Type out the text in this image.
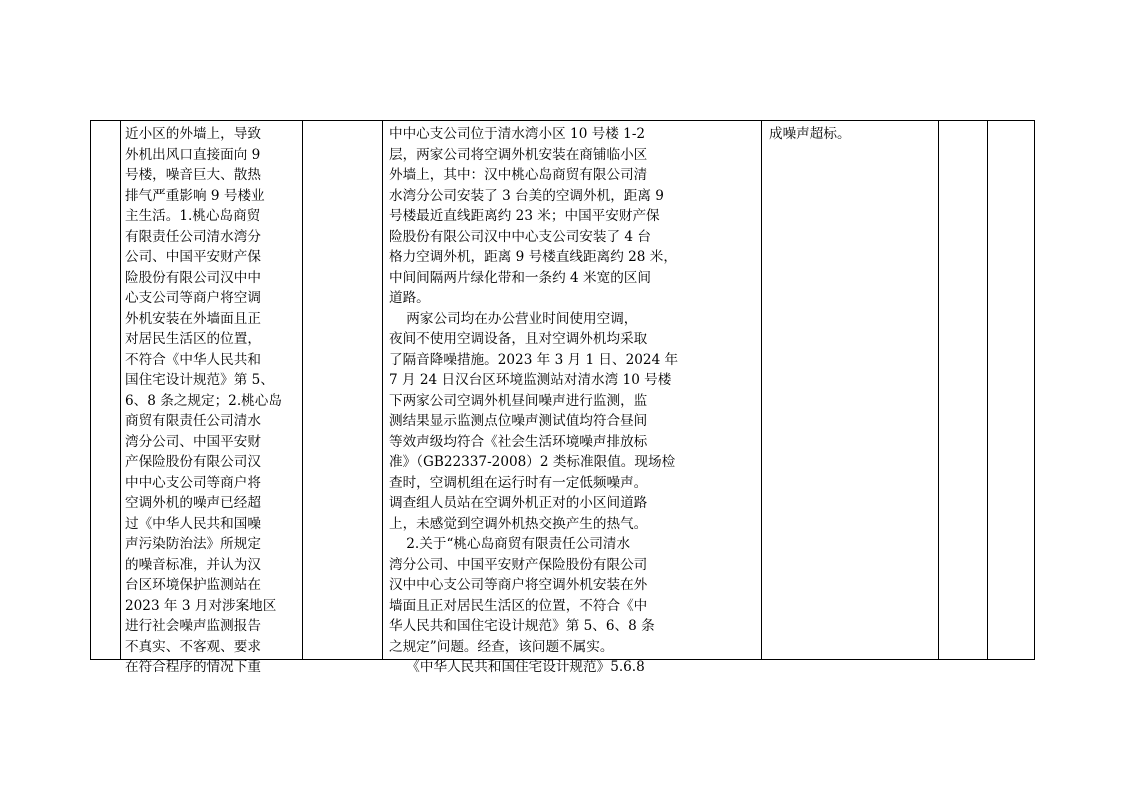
近小区的外墙上，导致
外机出风口直接面向 9
号楼，噪音巨大、散热
排气严重影响 9 号楼业
主生活。1.桃心岛商贸
有限责任公司清水湾分
公司、中国平安财产保
险股份有限公司汉中中
心支公司等商户将空调
外机安装在外墙面且正
对居民生活区的位置，
不符合《中华人民共和
国住宅设计规范》第 5、
6、8 条之规定；2.桃心岛
商贸有限责任公司清水
湾分公司、中国平安财
产保险股份有限公司汉
中中心支公司等商户将
空调外机的噪声已经超
过《中华人民共和国噪
声污染防治法》所规定
的噪音标准，并认为汉
台区环境保护监测站在
2023 年 3 月对涉案地区
进行社会噪声监测报告
不真实、不客观、要求
在符合程序的情况下重
中中心支公司位于清水湾小区 10 号楼 1-2
层，两家公司将空调外机安装在商铺临小区
外墙上，其中：汉中桃心岛商贸有限公司清
水湾分公司安装了 3 台美的空调外机，距离 9
号楼最近直线距离约 23 米；中国平安财产保
险股份有限公司汉中中心支公司安装了 4 台
格力空调外机，距离 9 号楼直线距离约 28 米，
中间间隔两片绿化带和一条约 4 米宽的区间
道路。
两家公司均在办公营业时间使用空调，
夜间不使用空调设备，且对空调外机均采取
了隔音降噪措施。2023 年 3 月 1 日、2024 年
7 月 24 日汉台区环境监测站对清水湾 10 号楼
下两家公司空调外机昼间噪声进行监测，监
测结果显示监测点位噪声测试值均符合昼间
等效声级均符合《社会生活环境噪声排放标
准》（GB22337-2008）2 类标准限值。现场检
查时，空调机组在运行时有一定低频噪声。
调查组人员站在空调外机正对的小区间道路
上，未感觉到空调外机热交换产生的热气。
2.关于“桃心岛商贸有限责任公司清水
湾分公司、中国平安财产保险股份有限公司
汉中中心支公司等商户将空调外机安装在外
墙面且正对居民生活区的位置，不符合《中
华人民共和国住宅设计规范》第 5、6、8 条
之规定”问题。经查，该问题不属实。
《中华人民共和国住宅设计规范》5.6.8
成噪声超标。
